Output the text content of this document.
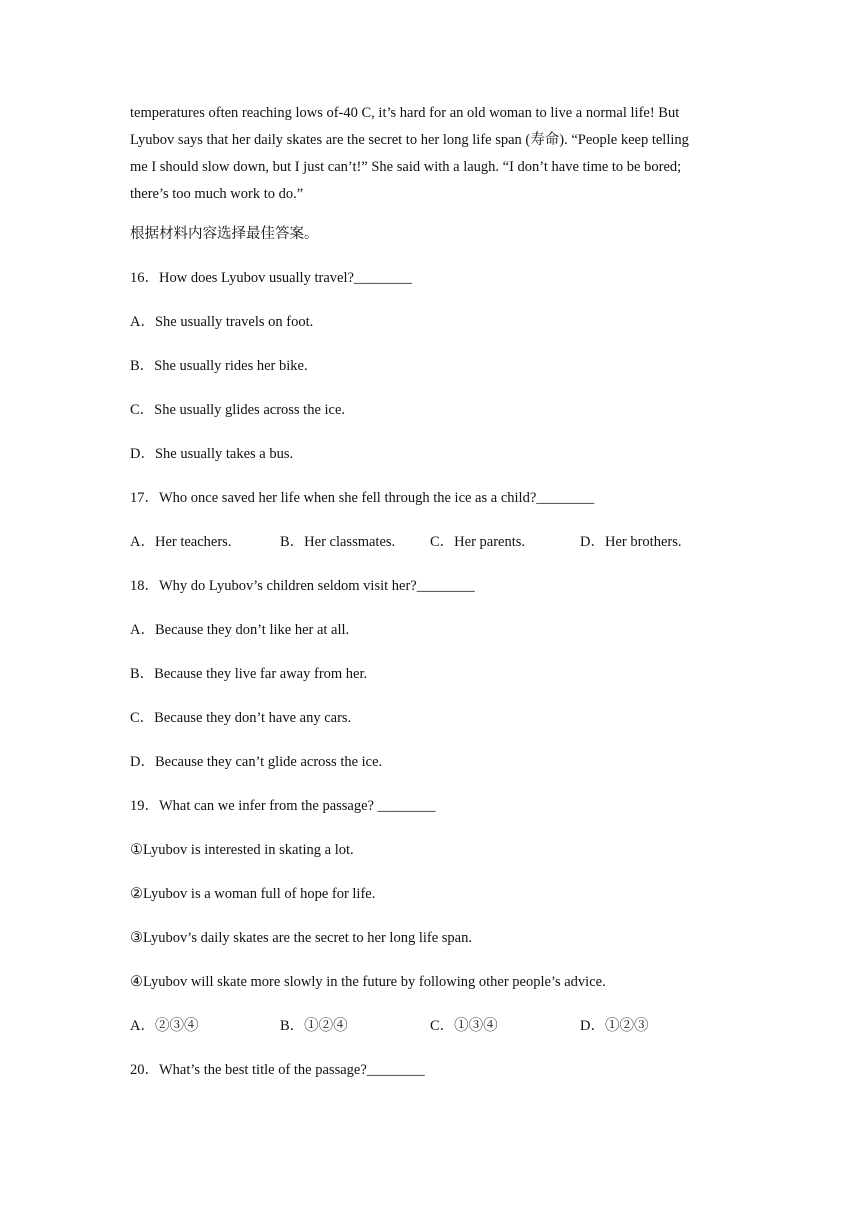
temperatures often reaching lows of-40 C, it’s hard for an old woman to live a normal life! But

Lyubov says that her daily skates are the secret to her long life span (寿命). “People keep telling

me I should slow down, but I just can’t!” She said with a laugh. “I don’t have time to be bored;

there’s too much work to do.”

根据材料内容选择最佳答案。

16．How does Lyubov usually travel?________

A．She usually travels on foot.

B．She usually rides her bike.

C．She usually glides across the ice.

D．She usually takes a bus.

17．Who once saved her life when she fell through the ice as a child?________

A．Her teachers.	B．Her classmates.	C．Her parents.	D．Her brothers.

18．Why do Lyubov’s children seldom visit her?________

A．Because they don’t like her at all.

B．Because they live far away from her.

C．Because they don’t have any cars.

D．Because they can’t glide across the ice.

19．What can we infer from the passage? ________

①Lyubov is interested in skating a lot.

②Lyubov is a woman full of hope for life.

③Lyubov’s daily skates are the secret to her long life span.

④Lyubov will skate more slowly in the future by following other people’s advice.

A．②③④	B．①②④	C．①③④	D．①②③

20．What’s the best title of the passage?________
